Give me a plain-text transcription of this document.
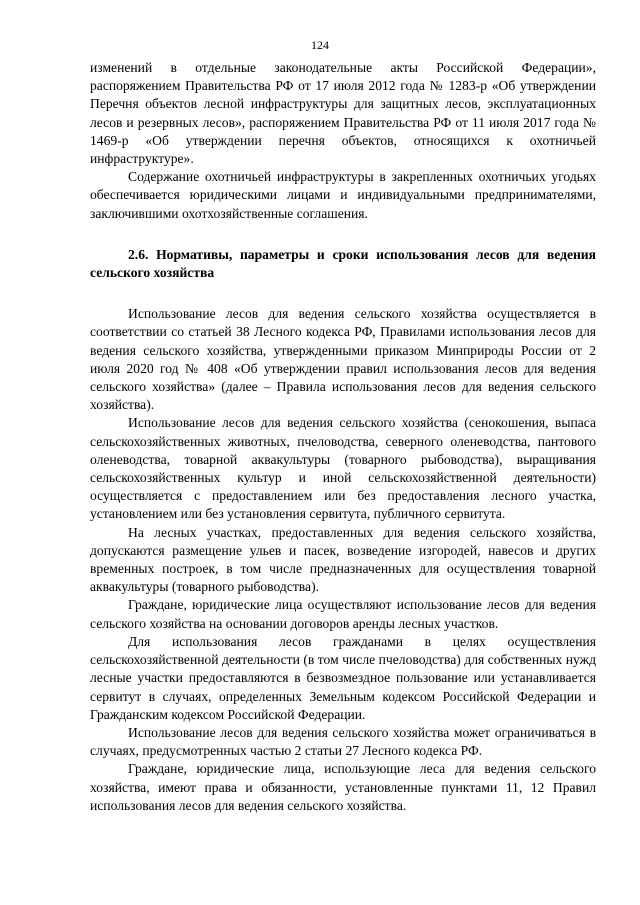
124

изменений в отдельные законодательные акты Российской Федерации», распоряжением Правительства РФ от 17 июля 2012 года № 1283-р «Об утверждении Перечня объектов лесной инфраструктуры для защитных лесов, эксплуатационных лесов и резервных лесов», распоряжением Правительства РФ от 11 июля 2017 года № 1469-р «Об утверждении перечня объектов, относящихся к охотничьей инфраструктуре».

Содержание охотничьей инфраструктуры в закрепленных охотничьих угодьях обеспечивается юридическими лицами и индивидуальными предпринимателями, заключившими охотхозяйственные соглашения.

2.6. Нормативы, параметры и сроки использования лесов для ведения сельского хозяйства

Использование лесов для ведения сельского хозяйства осуществляется в соответствии со статьей 38 Лесного кодекса РФ, Правилами использования лесов для ведения сельского хозяйства, утвержденными приказом Минприроды России от 2 июля 2020 год № 408 «Об утверждении правил использования лесов для ведения сельского хозяйства» (далее – Правила использования лесов для ведения сельского хозяйства).

Использование лесов для ведения сельского хозяйства (сенокошения, выпаса сельскохозяйственных животных, пчеловодства, северного оленеводства, пантового оленеводства, товарной аквакультуры (товарного рыбоводства), выращивания сельскохозяйственных культур и иной сельскохозяйственной деятельности) осуществляется с предоставлением или без предоставления лесного участка, установлением или без установления сервитута, публичного сервитута.

На лесных участках, предоставленных для ведения сельского хозяйства, допускаются размещение ульев и пасек, возведение изгородей, навесов и других временных построек, в том числе предназначенных для осуществления товарной аквакультуры (товарного рыбоводства).

Граждане, юридические лица осуществляют использование лесов для ведения сельского хозяйства на основании договоров аренды лесных участков.

Для использования лесов гражданами в целях осуществления сельскохозяйственной деятельности (в том числе пчеловодства) для собственных нужд лесные участки предоставляются в безвозмездное пользование или устанавливается сервитут в случаях, определенных Земельным кодексом Российской Федерации и Гражданским кодексом Российской Федерации.

Использование лесов для ведения сельского хозяйства может ограничиваться в случаях, предусмотренных частью 2 статьи 27 Лесного кодекса РФ.

Граждане, юридические лица, использующие леса для ведения сельского хозяйства, имеют права и обязанности, установленные пунктами 11, 12 Правил использования лесов для ведения сельского хозяйства.
